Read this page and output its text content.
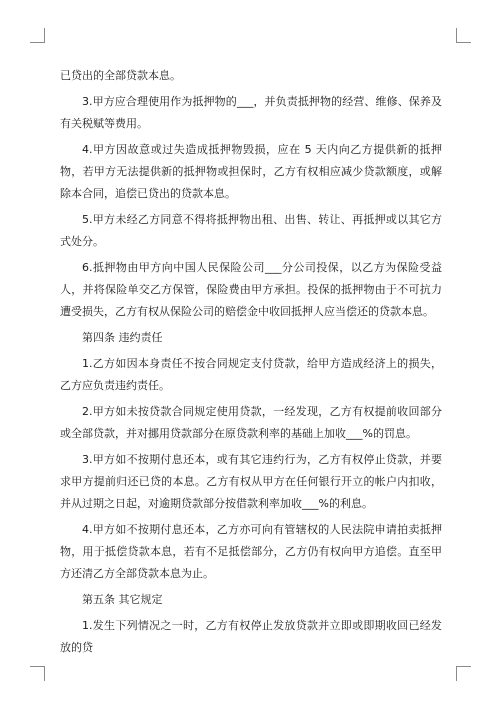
已贷出的全部贷款本息。

3.甲方应合理使用作为抵押物的___，并负责抵押物的经营、维修、保养及有关税赋等费用。

4.甲方因故意或过失造成抵押物毁损，应在 5 天内向乙方提供新的抵押物，若甲方无法提供新的抵押物或担保时，乙方有权相应减少贷款额度，或解除本合同，追偿已贷出的贷款本息。

5.甲方未经乙方同意不得将抵押物出租、出售、转让、再抵押或以其它方式处分。

6.抵押物由甲方向中国人民保险公司___分公司投保，以乙方为保险受益人，并将保险单交乙方保管，保险费由甲方承担。投保的抵押物由于不可抗力遭受损失，乙方有权从保险公司的赔偿金中收回抵押人应当偿还的贷款本息。

第四条 违约责任

1.乙方如因本身责任不按合同规定支付贷款，给甲方造成经济上的损失，乙方应负责违约责任。

2.甲方如未按贷款合同规定使用贷款，一经发现，乙方有权提前收回部分或全部贷款，并对挪用贷款部分在原贷款利率的基础上加收___%的罚息。

3.甲方如不按期付息还本，或有其它违约行为，乙方有权停止贷款，并要求甲方提前归还已贷的本息。乙方有权从甲方在任何银行开立的帐户内扣收，并从过期之日起，对逾期贷款部分按借款利率加收___%的利息。

4.甲方如不按期付息还本，乙方亦可向有管辖权的人民法院申请拍卖抵押物，用于抵偿贷款本息，若有不足抵偿部分，乙方仍有权向甲方追偿。直至甲方还清乙方全部贷款本息为止。

第五条 其它规定

1.发生下列情况之一时，乙方有权停止发放贷款并立即或即期收回已经发放的贷
